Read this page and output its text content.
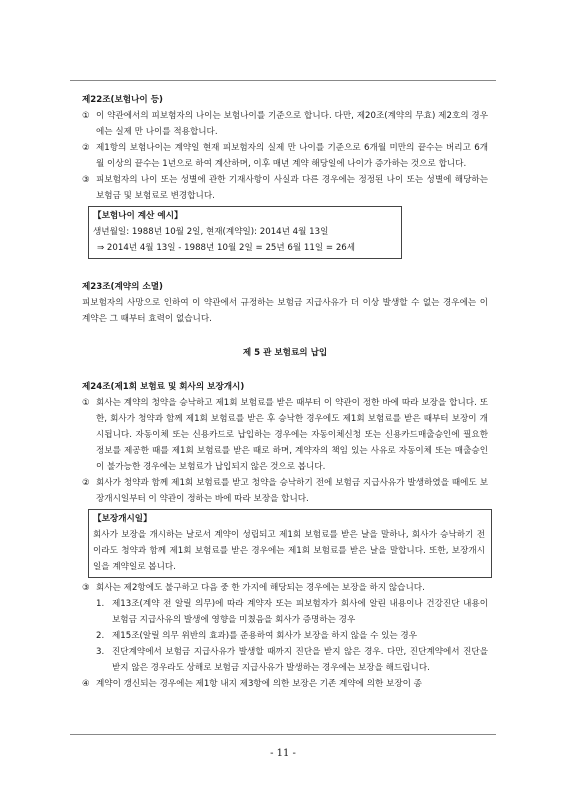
제22조(보험나이 등)

① 이 약관에서의 피보험자의 나이는 보험나이를 기준으로 합니다. 다만, 제20조(계약의 무효) 제2호의 경우에는 실제 만 나이를 적용합니다.
② 제1항의 보험나이는 계약일 현재 피보험자의 실제 만 나이를 기준으로 6개월 미만의 끝수는 버리고 6개월 이상의 끝수는 1년으로 하여 계산하며, 이후 매년 계약 해당일에 나이가 증가하는 것으로 합니다.
③ 피보험자의 나이 또는 성별에 관한 기재사항이 사실과 다른 경우에는 정정된 나이 또는 성별에 해당하는 보험금 및 보험료로 변경합니다.

【보험나이 계산 예시】

생년월일: 1988년 10월 2일, 현재(계약일): 2014년 4월 13일

⇒ 2014년 4월 13일 - 1988년 10월 2일 = 25년 6월 11일 = 26세

제23조(계약의 소멸)

피보험자의 사망으로 인하여 이 약관에서 규정하는 보험금 지급사유가 더 이상 발생할 수 없는 경우에는 이 계약은 그 때부터 효력이 없습니다.

제 5 관 보험료의 납입

제24조(제1회 보험료 및 회사의 보장개시)

① 회사는 계약의 청약을 승낙하고 제1회 보험료를 받은 때부터 이 약관이 정한 바에 따라 보장을 합니다. 또한, 회사가 청약과 함께 제1회 보험료를 받은 후 승낙한 경우에도 제1회 보험료를 받은 때부터 보장이 개시됩니다. 자동이체 또는 신용카드로 납입하는 경우에는 자동이체신청 또는 신용카드매출승인에 필요한 정보를 제공한 때를 제1회 보험료를 받은 때로 하며, 계약자의 책임 있는 사유로 자동이체 또는 매출승인이 불가능한 경우에는 보험료가 납입되지 않은 것으로 봅니다.
② 회사가 청약과 함께 제1회 보험료를 받고 청약을 승낙하기 전에 보험금 지급사유가 발생하였을 때에도 보장개시일부터 이 약관이 정하는 바에 따라 보장을 합니다.

【보장개시일】

회사가 보장을 개시하는 날로서 계약이 성립되고 제1회 보험료를 받은 날을 말하나, 회사가 승낙하기 전이라도 청약과 함께 제1회 보험료를 받은 경우에는 제1회 보험료를 받은 날을 말합니다. 또한, 보장개시일을 계약일로 봅니다.

③ 회사는 제2항에도 불구하고 다음 중 한 가지에 해당되는 경우에는 보장을 하지 않습니다.
1. 제13조(계약 전 알릴 의무)에 따라 계약자 또는 피보험자가 회사에 알린 내용이나 건강진단 내용이 보험금 지급사유의 발생에 영향을 미쳤음을 회사가 증명하는 경우
2. 제15조(알릴 의무 위반의 효과)를 준용하여 회사가 보장을 하지 않을 수 있는 경우
3. 진단계약에서 보험금 지급사유가 발생할 때까지 진단을 받지 않은 경우. 다만, 진단계약에서 진단을 받지 않은 경우라도 상해로 보험금 지급사유가 발생하는 경우에는 보장을 해드립니다.
④ 계약이 갱신되는 경우에는 제1항 내지 제3항에 의한 보장은 기존 계약에 의한 보장이 종
- 11 -
